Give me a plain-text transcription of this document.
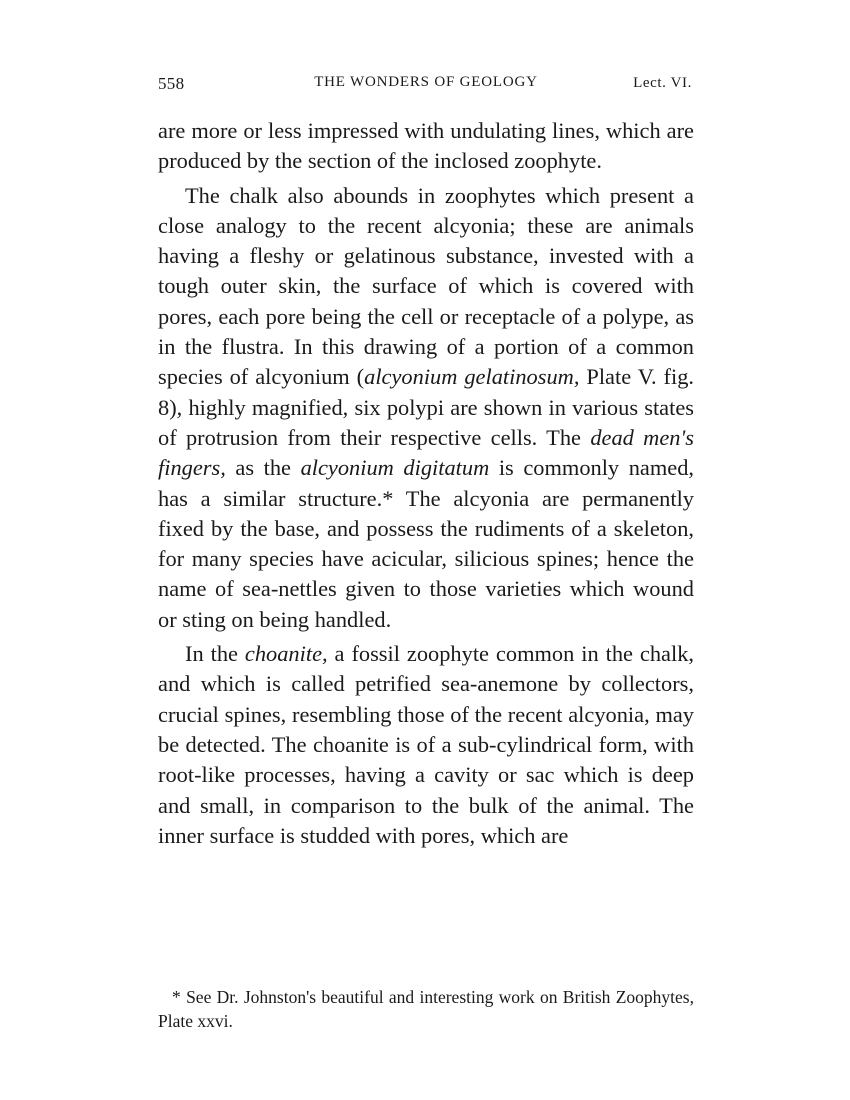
558	THE WONDERS OF GEOLOGY	Lect. VI.

are more or less impressed with undulating lines, which are produced by the section of the inclosed zoophyte.

The chalk also abounds in zoophytes which present a close analogy to the recent alcyonia; these are animals having a fleshy or gelatinous substance, invested with a tough outer skin, the surface of which is covered with pores, each pore being the cell or receptacle of a polype, as in the flustra. In this drawing of a portion of a common species of alcyonium (alcyonium gelatinosum, Plate V. fig. 8), highly magnified, six polypi are shown in various states of protrusion from their respective cells. The dead men's fingers, as the alcyonium digitatum is commonly named, has a similar structure.* The alcyonia are permanently fixed by the base, and possess the rudiments of a skeleton, for many species have acicular, silicious spines; hence the name of sea-nettles given to those varieties which wound or sting on being handled.

In the choanite, a fossil zoophyte common in the chalk, and which is called petrified sea-anemone by collectors, crucial spines, resembling those of the recent alcyonia, may be detected. The choanite is of a sub-cylindrical form, with root-like processes, having a cavity or sac which is deep and small, in comparison to the bulk of the animal. The inner surface is studded with pores, which are

* See Dr. Johnston's beautiful and interesting work on British Zoophytes, Plate xxvi.
